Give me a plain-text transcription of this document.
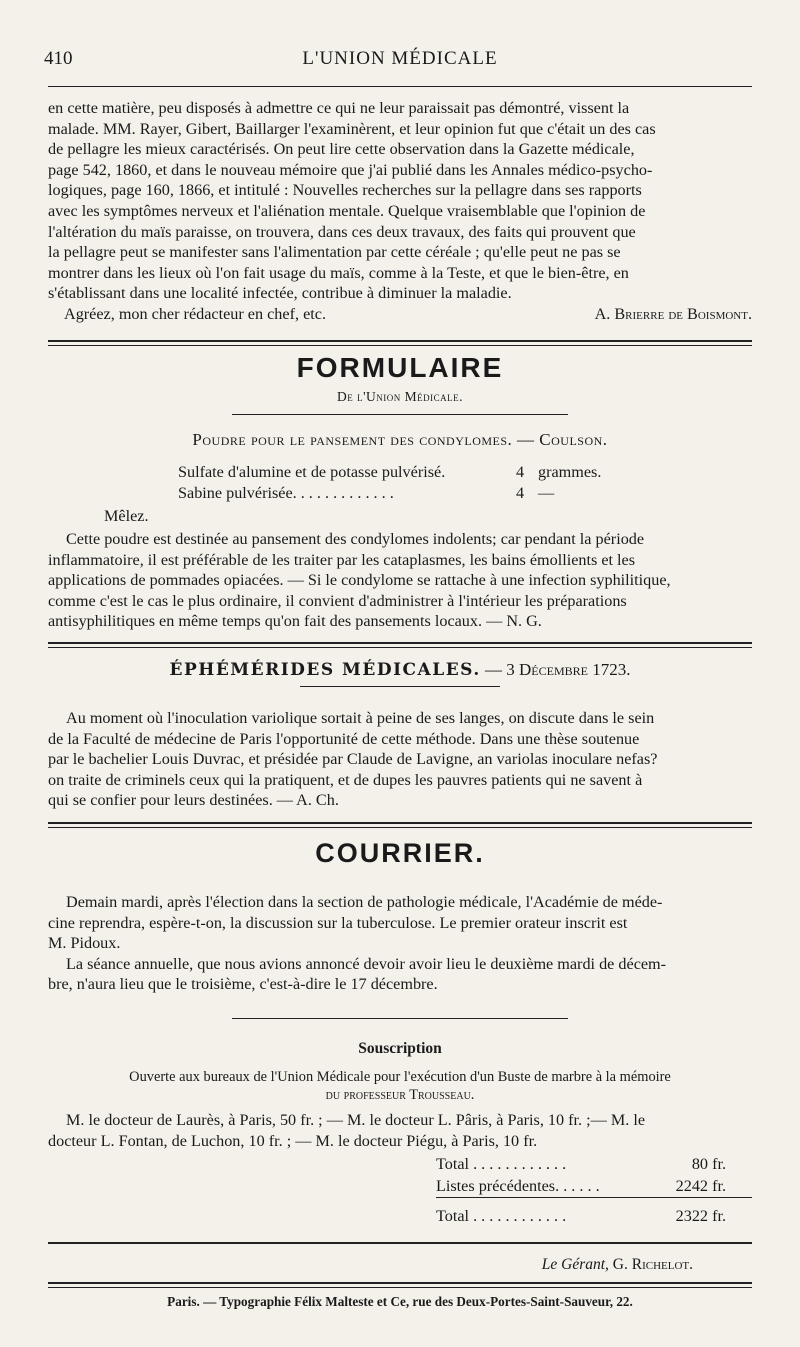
410	L'UNION MÉDICALE

en cette matière, peu disposés à admettre ce qui ne leur paraissait pas démontré, vissent la

malade. MM. Rayer, Gibert, Baillarger l'examinèrent, et leur opinion fut que c'était un des cas

de pellagre les mieux caractérisés. On peut lire cette observation dans la Gazette médicale,

page 542, 1860, et dans le nouveau mémoire que j'ai publié dans les Annales médico-psycho-

logiques, page 160, 1866, et intitulé : Nouvelles recherches sur la pellagre dans ses rapports

avec les symptômes nerveux et l'aliénation mentale. Quelque vraisemblable que l'opinion de

l'altération du maïs paraisse, on trouvera, dans ces deux travaux, des faits qui prouvent que

la pellagre peut se manifester sans l'alimentation par cette céréale ; qu'elle peut ne pas se

montrer dans les lieux où l'on fait usage du maïs, comme à la Teste, et que le bien-être, en

s'établissant dans une localité infectée, contribue à diminuer la maladie.

Agréez, mon cher rédacteur en chef, etc.	A. Brierre de Boismont.

FORMULAIRE
De l'Union Médicale.
Poudre pour le pansement des condylomes. — Coulson.
Sulfate d'alumine et de potasse pulvérisé.	4 grammes.
Sabine pulvérisée. . . . . . . . . . . . .	4 —
Mêlez.

Cette poudre est destinée au pansement des condylomes indolents; car pendant la période

inflammatoire, il est préférable de les traiter par les cataplasmes, les bains émollients et les

applications de pommades opiacées. — Si le condylome se rattache à une infection syphilitique,

comme c'est le cas le plus ordinaire, il convient d'administrer à l'intérieur les préparations

antisyphilitiques en même temps qu'on fait des pansements locaux. — N. G.

ÉPHÉMÉRIDES MÉDICALES. — 3 Décembre 1723.

Au moment où l'inoculation variolique sortait à peine de ses langes, on discute dans le sein

de la Faculté de médecine de Paris l'opportunité de cette méthode. Dans une thèse soutenue

par le bachelier Louis Duvrac, et présidée par Claude de Lavigne, an variolas inoculare nefas?

on traite de criminels ceux qui la pratiquent, et de dupes les pauvres patients qui ne savent à

qui se confier pour leurs destinées. — A. Ch.

COURRIER.

Demain mardi, après l'élection dans la section de pathologie médicale, l'Académie de méde-

cine reprendra, espère-t-on, la discussion sur la tuberculose. Le premier orateur inscrit est

M. Pidoux.

La séance annuelle, que nous avions annoncé devoir avoir lieu le deuxième mardi de décem-

bre, n'aura lieu que le troisième, c'est-à-dire le 17 décembre.

Souscription
Ouverte aux bureaux de l'Union Médicale pour l'exécution d'un Buste de marbre à la mémoire
du professeur Trousseau.

M. le docteur de Laurès, à Paris, 50 fr. ; — M. le docteur L. Pâris, à Paris, 10 fr. ;— M. le

docteur L. Fontan, de Luchon, 10 fr. ; — M. le docteur Piégu, à Paris, 10 fr.

Total . . . . . . . . . . . .	80 fr.
Listes précédentes. . . . . .	2242 fr.
Total . . . . . . . . . . . .	2322 fr.
Le Gérant, G. Richelot.
Paris. — Typographie Félix Malteste et Ce, rue des Deux-Portes-Saint-Sauveur, 22.
